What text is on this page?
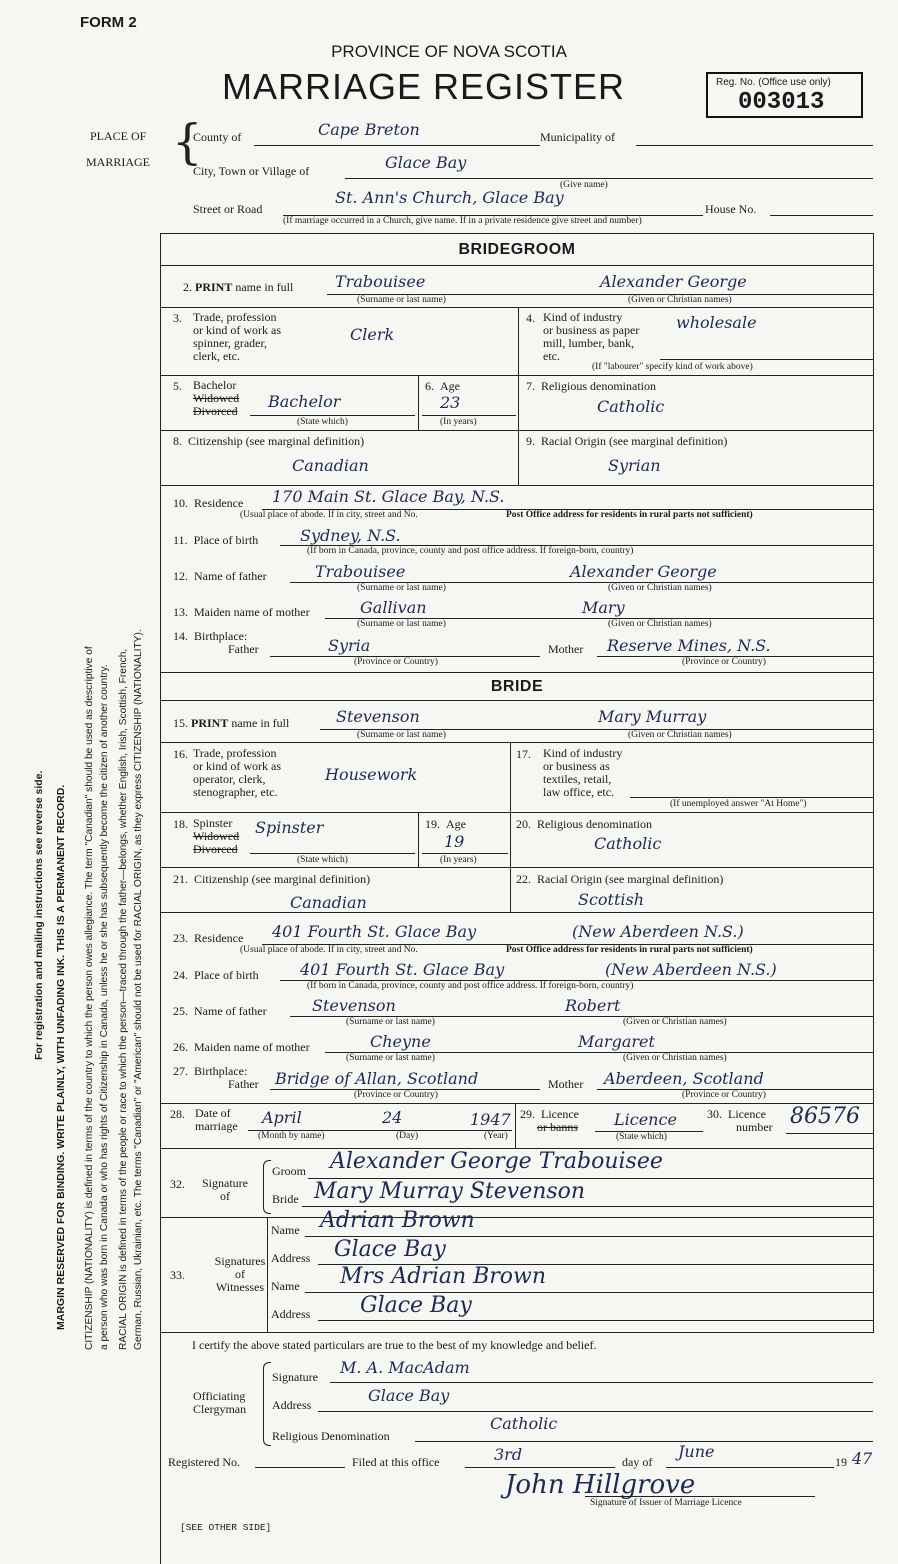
FORM 2
PROVINCE OF NOVA SCOTIA
MARRIAGE REGISTER	Reg. No. (Office use only)
003013
For registration and mailing instructions see reverse side. MARGIN RESERVED FOR BINDING. WRITE PLAINLY, WITH UNFADING INK. THIS IS A PERMANENT RECORD. CITIZENSHIP (NATIONALITY) is defined in terms of the country to which the person owes allegiance. The term "Canadian" should be used as descriptive of a person who was born in Canada or who has rights of Citizenship in Canada, unless he or she has subsequently become the citizen of another country. RACIAL ORIGIN is defined in terms of the people or race to which the person—traced through the father—belongs, whether English, Irish, Scottish, French, German, Russian, Ukrainian, etc. The terms "Canadian" or "American" should not be used for RACIAL ORIGIN, as they express CITIZENSHIP (NATIONALITY).
PLACE OF
MARRIAGE {
County of	Cape Breton	Municipality of
City, Town or Village of	Glace Bay
(Give name)
Street or Road
St. Ann's Church, Glace Bay
House No.
(If marriage occurred in a Church, give name. If in a private residence give street and number)
BRIDEGROOM
2. PRINT name in full	Trabouisee	Alexander George
(Surname or last name)	(Given or Christian names)
3. Trade, profession
or kind of work as
spinner, grader,
clerk, etc.
Clerk
4. Kind of industry
or business as paper
mill, lumber, bank,
etc.
wholesale
(If "labourer" specify kind of work above)
5. Bachelor
Widowed
Divorced Bachelor
(State which)
6. Age
23
(In years)
7. Religious denomination
Catholic
8. Citizenship (see marginal definition)
Canadian
9. Racial Origin (see marginal definition)
Syrian
10. Residence 170 Main St. Glace Bay, N.S.
(Usual place of abode. If in city, street and No.	Post Office address for residents in rural parts not sufficient)
11. Place of birth	Sydney, N.S.
(If born in Canada, province, county and post office address. If foreign-born, country)
12. Name of father	Trabouisee	Alexander George
(Surname or last name)	(Given or Christian names)
13. Maiden name of mother	Gallivan	Mary
(Surname or last name)	(Given or Christian names)
14. Birthplace:
Father	Syria	Mother Reserve Mines, N.S.
(Province or Country)	(Province or Country)
BRIDE
15. PRINT name in full	Stevenson	Mary Murray
(Surname or last name)	(Given or Christian names)
16. Trade, profession
or kind of work as
operator, clerk,
stenographer, etc.
Housework
17. Kind of industry
or business as
textiles, retail,
law office, etc.
(If unemployed answer "At Home")
18. Spinster
Widowed
Divorced
Spinster
(State which)
19. Age
19
(In years)
20. Religious denomination
Catholic
21. Citizenship (see marginal definition)
Canadian
22. Racial Origin (see marginal definition)
Scottish
23. Residence 401 Fourth St. Glace Bay	(New Aberdeen N.S.)
(Usual place of abode. If in city, street and No.	Post Office address for residents in rural parts not sufficient)
24. Place of birth	401 Fourth St. Glace Bay	(New Aberdeen N.S.)
(If born in Canada, province, county and post office address. If foreign-born, country)
25. Name of father	Stevenson	Robert
(Surname or last name)	(Given or Christian names)
26. Maiden name of mother	Cheyne	Margaret
(Surname or last name)	(Given or Christian names)
27. Birthplace:
Father Bridge of Allan, Scotland	Mother Aberdeen, Scotland
(Province or Country)	(Province or Country)
28. Date of
marriage April	24	1947
(Month by name)	(Day)	(Year)
29. Licence
or banns Licence
(State which)
30. Licence
number 86576
32.	Signature
of
Groom Alexander George Trabouisee
Bride Mary Murray Stevenson
33.
Signatures
of
Witnesses
Name Adrian Brown
Address Glace Bay
Name Mrs Adrian Brown
Address Glace Bay
I certify the above stated particulars are true to the best of my knowledge and belief.
Officiating
Clergyman
Signature M. A. MacAdam
Address	Glace Bay
Religious Denomination
Catholic
Registered No.	Filed at this office	3rd	day of
June
19 47
John Hillgrove
Signature of Issuer of Marriage Licence
[SEE OTHER SIDE]
